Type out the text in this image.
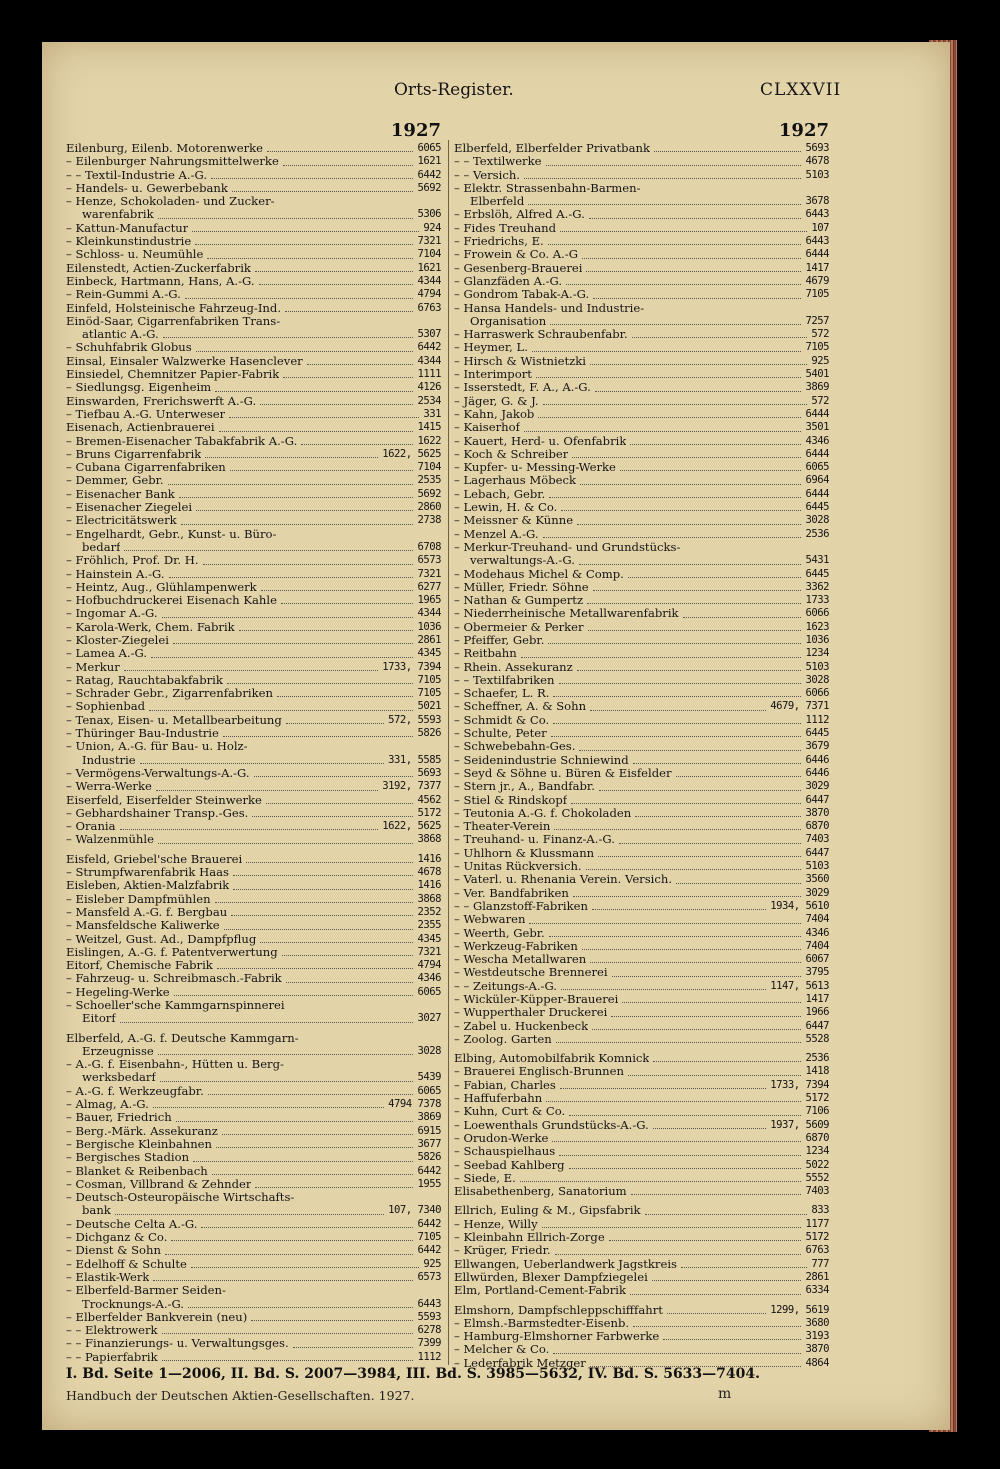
Orts-Register.	CLXXVII
1927
Eilenburg, Eilenb. Motorenwerke	6065
– Eilenburger Nahrungsmittelwerke	1621
– – Textil-Industrie A.-G.	6442
– Handels- u. Gewerbebank	5692
– Henze, Schokoladen- und Zucker-
warenfabrik	5306
– Kattun-Manufactur	924
– Kleinkunstindustrie	7321
– Schloss- u. Neumühle	7104
Eilenstedt, Actien-Zuckerfabrik	1621
Einbeck, Hartmann, Hans, A.-G.	4344
– Rein-Gummi A.-G.	4794
Einfeld, Holsteinische Fahrzeug-Ind.	6763
Einöd-Saar, Cigarrenfabriken Trans-
atlantic A.-G.	5307
– Schuhfabrik Globus	6442
Einsal, Einsaler Walzwerke Hasenclever	4344
Einsiedel, Chemnitzer Papier-Fabrik	1111
– Siedlungsg. Eigenheim	4126
Einswarden, Frerichswerft A.-G.	2534
– Tiefbau A.-G. Unterweser	331
Eisenach, Actienbrauerei	1415
– Bremen-Eisenacher Tabakfabrik A.-G.	1622
– Bruns Cigarrenfabrik	1622, 5625
– Cubana Cigarrenfabriken	7104
– Demmer, Gebr.	2535
– Eisenacher Bank	5692
– Eisenacher Ziegelei	2860
– Electricitätswerk	2738
– Engelhardt, Gebr., Kunst- u. Büro-
bedarf	6708
– Fröhlich, Prof. Dr. H.	6573
– Hainstein A.-G.	7321
– Heintz, Aug., Glühlampenwerk	6277
– Hofbuchdruckerei Eisenach Kahle	1965
– Ingomar A.-G.	4344
– Karola-Werk, Chem. Fabrik	1036
– Kloster-Ziegelei	2861
– Lamea A.-G.	4345
– Merkur	1733, 7394
– Ratag, Rauchtabakfabrik	7105
– Schrader Gebr., Zigarrenfabriken	7105
– Sophienbad	5021
– Tenax, Eisen- u. Metallbearbeitung	572, 5593
– Thüringer Bau-Industrie	5826
– Union, A.-G. für Bau- u. Holz-
Industrie	331, 5585
– Vermögens-Verwaltungs-A.-G.	5693
– Werra-Werke	3192, 7377
Eiserfeld, Eiserfelder Steinwerke	4562
– Gebhardshainer Transp.-Ges.	5172
– Orania	1622, 5625
– Walzenmühle	3868
Eisfeld, Griebel'sche Brauerei	1416
– Strumpfwarenfabrik Haas	4678
Eisleben, Aktien-Malzfabrik	1416
– Eisleber Dampfmühlen	3868
– Mansfeld A.-G. f. Bergbau	2352
– Mansfeldsche Kaliwerke	2355
– Weitzel, Gust. Ad., Dampfpflug	4345
Eislingen, A.-G. f. Patentverwertung	7321
Eitorf, Chemische Fabrik	4794
– Fahrzeug- u. Schreibmasch.-Fabrik	4346
– Hegeling-Werke	6065
– Schoeller'sche Kammgarnspinnerei
Eitorf	3027
Elberfeld, A.-G. f. Deutsche Kammgarn-
Erzeugnisse	3028
– A.-G. f. Eisenbahn-, Hütten u. Berg-
werksbedarf	5439
– A.-G. f. Werkzeugfabr.	6065
– Almag, A.-G.	4794 7378
– Bauer, Friedrich	3869
– Berg.-Märk. Assekuranz	6915
– Bergische Kleinbahnen	3677
– Bergisches Stadion	5826
– Blanket & Reibenbach	6442
– Cosman, Villbrand & Zehnder	1955
– Deutsch-Osteuropäische Wirtschafts-
bank	107, 7340
– Deutsche Celta A.-G.	6442
– Dichganz & Co.	7105
– Dienst & Sohn	6442
– Edelhoff & Schulte	925
– Elastik-Werk	6573
– Elberfeld-Barmer Seiden-
Trocknungs-A.-G.	6443
– Elberfelder Bankverein (neu)	5593
– – Elektrowerk	6278
– – Finanzierungs- u. Verwaltungsges.	7399
– – Papierfabrik	1112
1927
Elberfeld, Elberfelder Privatbank	5693
– – Textilwerke	4678
– – Versich.	5103
– Elektr. Strassenbahn-Barmen-
Elberfeld	3678
– Erbslöh, Alfred A.-G.	6443
– Fides Treuhand	107
– Friedrichs, E.	6443
– Frowein & Co. A.-G	6444
– Gesenberg-Brauerei	1417
– Glanzfäden A.-G.	4679
– Gondrom Tabak-A.-G.	7105
– Hansa Handels- und Industrie-
Organisation	7257
– Harraswerk Schraubenfabr.	572
– Heymer, L.	7105
– Hirsch & Wistnietzki	925
– Interimport	5401
– Isserstedt, F. A., A.-G.	3869
– Jäger, G. & J.	572
– Kahn, Jakob	6444
– Kaiserhof	3501
– Kauert, Herd- u. Ofenfabrik	4346
– Koch & Schreiber	6444
– Kupfer- u- Messing-Werke	6065
– Lagerhaus Möbeck	6964
– Lebach, Gebr.	6444
– Lewin, H. & Co.	6445
– Meissner & Künne	3028
– Menzel A.-G.	2536
– Merkur-Treuhand- und Grundstücks-
verwaltungs-A.-G.	5431
– Modehaus Michel & Comp.	6445
– Müller, Friedr. Söhne	3362
– Nathan & Gumpertz	1733
– Niederrheinische Metallwarenfabrik	6066
– Obermeier & Perker	1623
– Pfeiffer, Gebr.	1036
– Reitbahn	1234
– Rhein. Assekuranz	5103
– – Textilfabriken	3028
– Schaefer, L. R.	6066
– Scheffner, A. & Sohn	4679, 7371
– Schmidt & Co.	1112
– Schulte, Peter	6445
– Schwebebahn-Ges.	3679
– Seidenindustrie Schniewind	6446
– Seyd & Söhne u. Büren & Eisfelder	6446
– Stern jr., A., Bandfabr.	3029
– Stiel & Rindskopf	6447
– Teutonia A.-G. f. Chokoladen	3870
– Theater-Verein	6870
– Treuhand- u. Finanz-A.-G.	7403
– Uhlhorn & Klussmann	6447
– Unitas Rückversich.	5103
– Vaterl. u. Rhenania Verein. Versich.	3560
– Ver. Bandfabriken	3029
– – Glanzstoff-Fabriken	1934, 5610
– Webwaren	7404
– Weerth, Gebr.	4346
– Werkzeug-Fabriken	7404
– Wescha Metallwaren	6067
– Westdeutsche Brennerei	3795
– – Zeitungs-A.-G.	1147, 5613
– Wicküler-Küpper-Brauerei	1417
– Wupperthaler Druckerei	1966
– Zabel u. Huckenbeck	6447
– Zoolog. Garten	5528
Elbing, Automobilfabrik Komnick	2536
– Brauerei Englisch-Brunnen	1418
– Fabian, Charles	1733, 7394
– Haffuferbahn	5172
– Kuhn, Curt & Co.	7106
– Loewenthals Grundstücks-A.-G.	1937, 5609
– Orudon-Werke	6870
– Schauspielhaus	1234
– Seebad Kahlberg	5022
– Siede, E.	5552
Elisabethenberg, Sanatorium	7403
Ellrich, Euling & M., Gipsfabrik	833
– Henze, Willy	1177
– Kleinbahn Ellrich-Zorge	5172
– Krüger, Friedr.	6763
Ellwangen, Ueberlandwerk Jagstkreis	777
Ellwürden, Blexer Dampfziegelei	2861
Elm, Portland-Cement-Fabrik	6334
Elmshorn, Dampfschleppschifffahrt	1299, 5619
– Elmsh.-Barmstedter-Eisenb.	3680
– Hamburg-Elmshorner Farbwerke	3193
– Melcher & Co.	3870
– Lederfabrik Metzger	4864
I. Bd. Seite 1—2006, II. Bd. S. 2007—3984, III. Bd. S. 3985—5632, IV. Bd. S. 5633—7404.
Handbuch der Deutschen Aktien-Gesellschaften. 1927.	m
